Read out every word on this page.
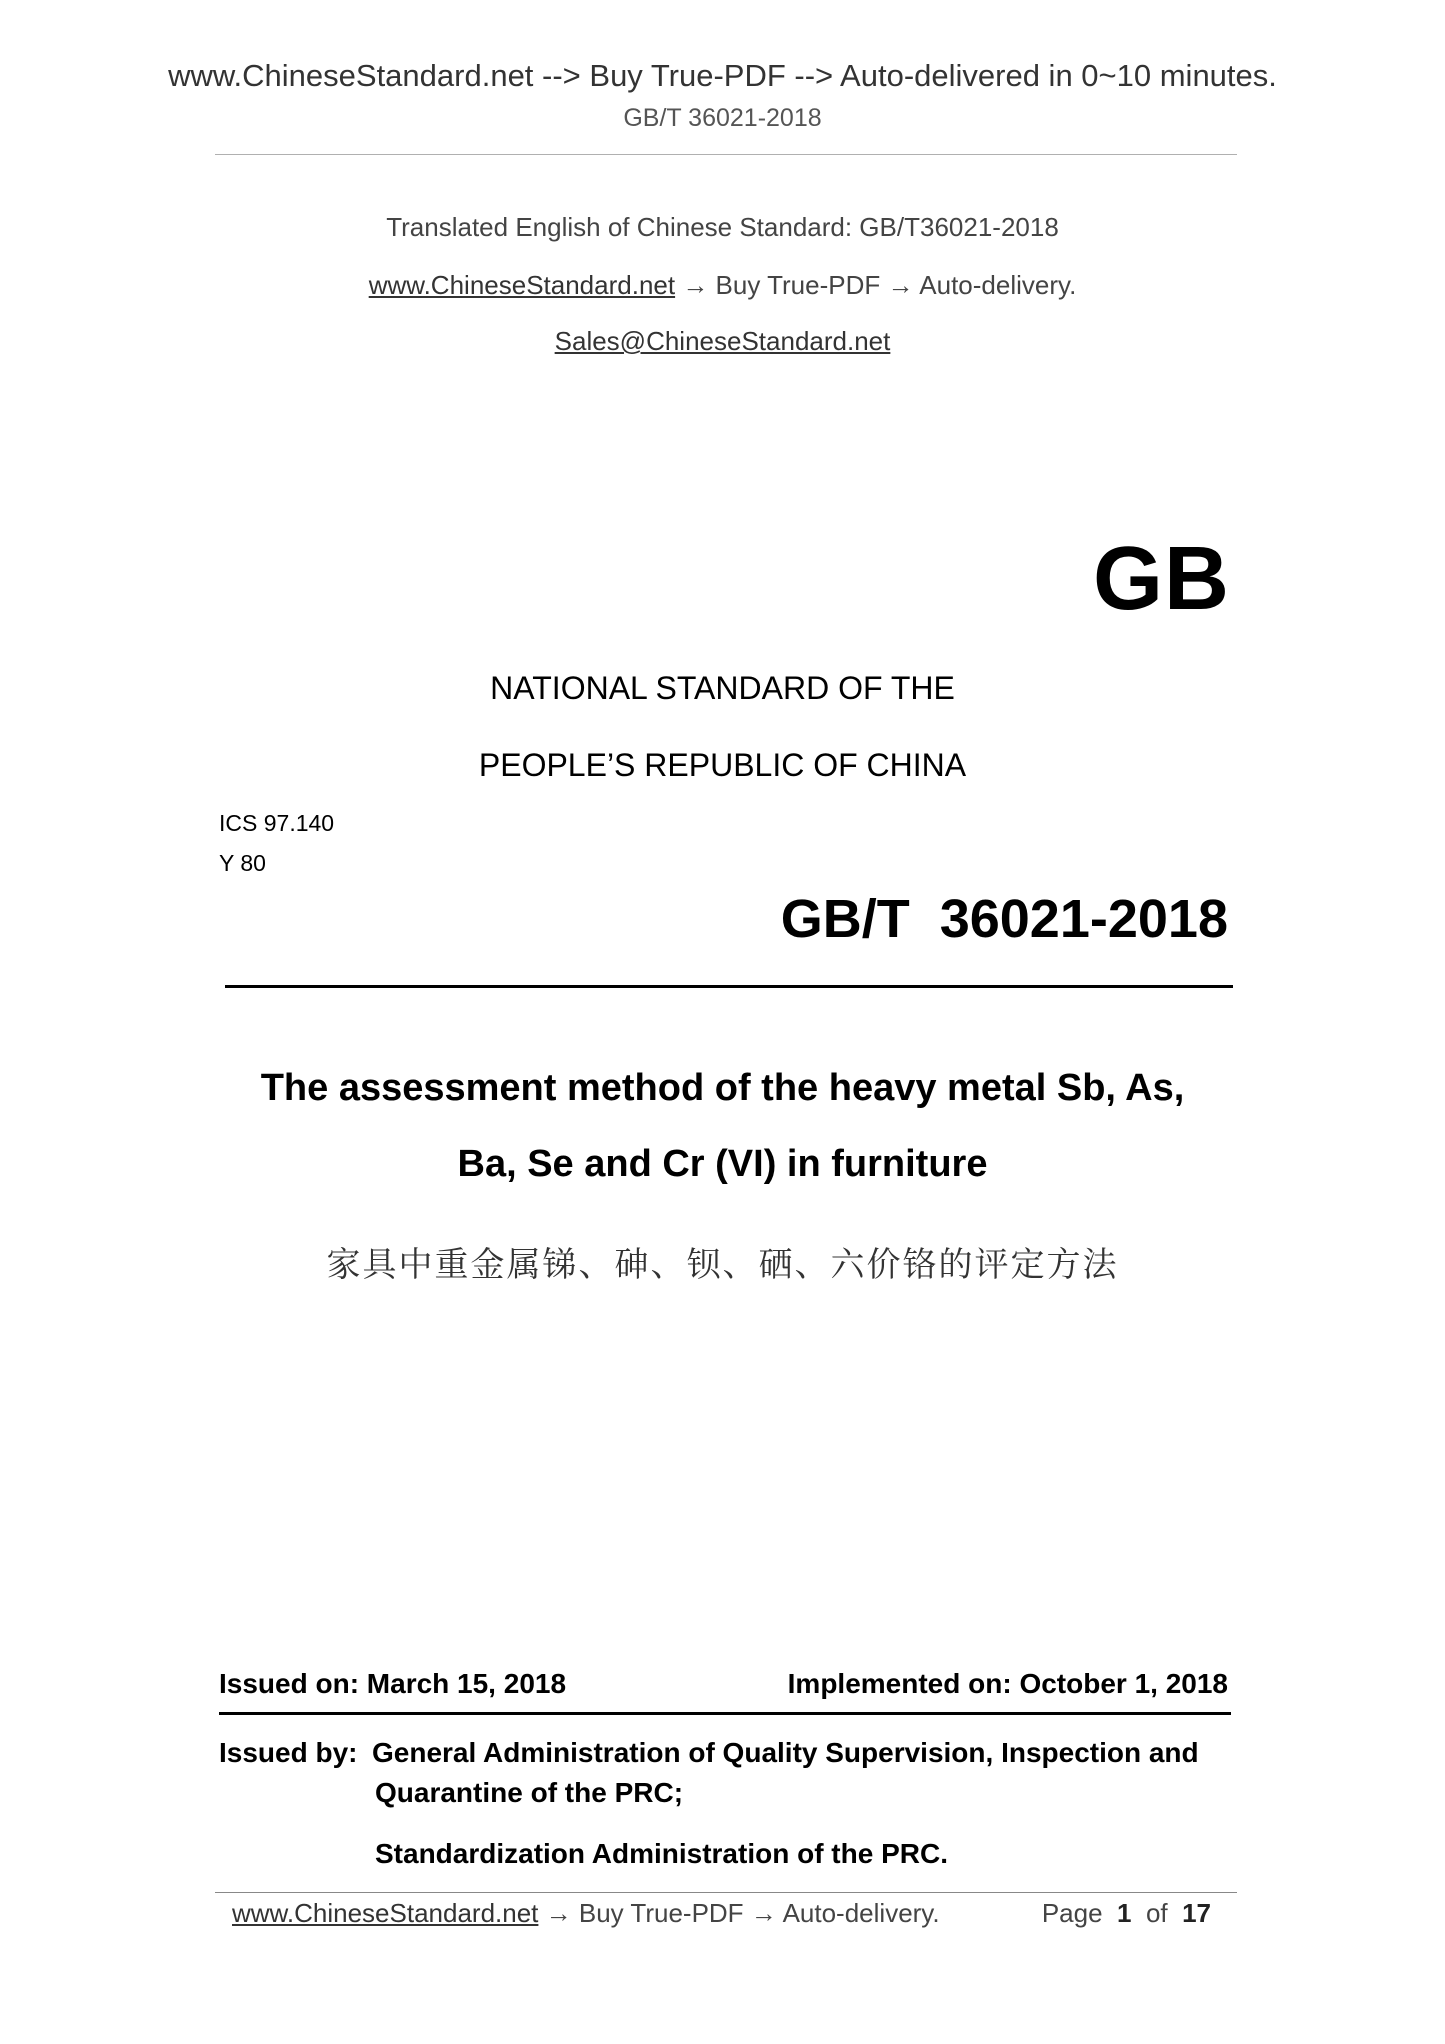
www.ChineseStandard.net --> Buy True-PDF --> Auto-delivered in 0~10 minutes.
GB/T 36021-2018
Translated English of Chinese Standard: GB/T36021-2018
www.ChineseStandard.net → Buy True-PDF → Auto-delivery.
Sales@ChineseStandard.net
GB
NATIONAL STANDARD OF THE
PEOPLE’S REPUBLIC OF CHINA
ICS 97.140
Y 80
GB/T  36021-2018
The assessment method of the heavy metal Sb, As,
Ba, Se and Cr (VI) in furniture
家具中重金属锑、砷、钡、硒、六价铬的评定方法
Issued on: March 15, 2018	Implemented on: October 1, 2018
Issued by: General Administration of Quality Supervision, Inspection and
Quarantine of the PRC;
Standardization Administration of the PRC.
www.ChineseStandard.net → Buy True-PDF → Auto-delivery.	Page 1 of 17
